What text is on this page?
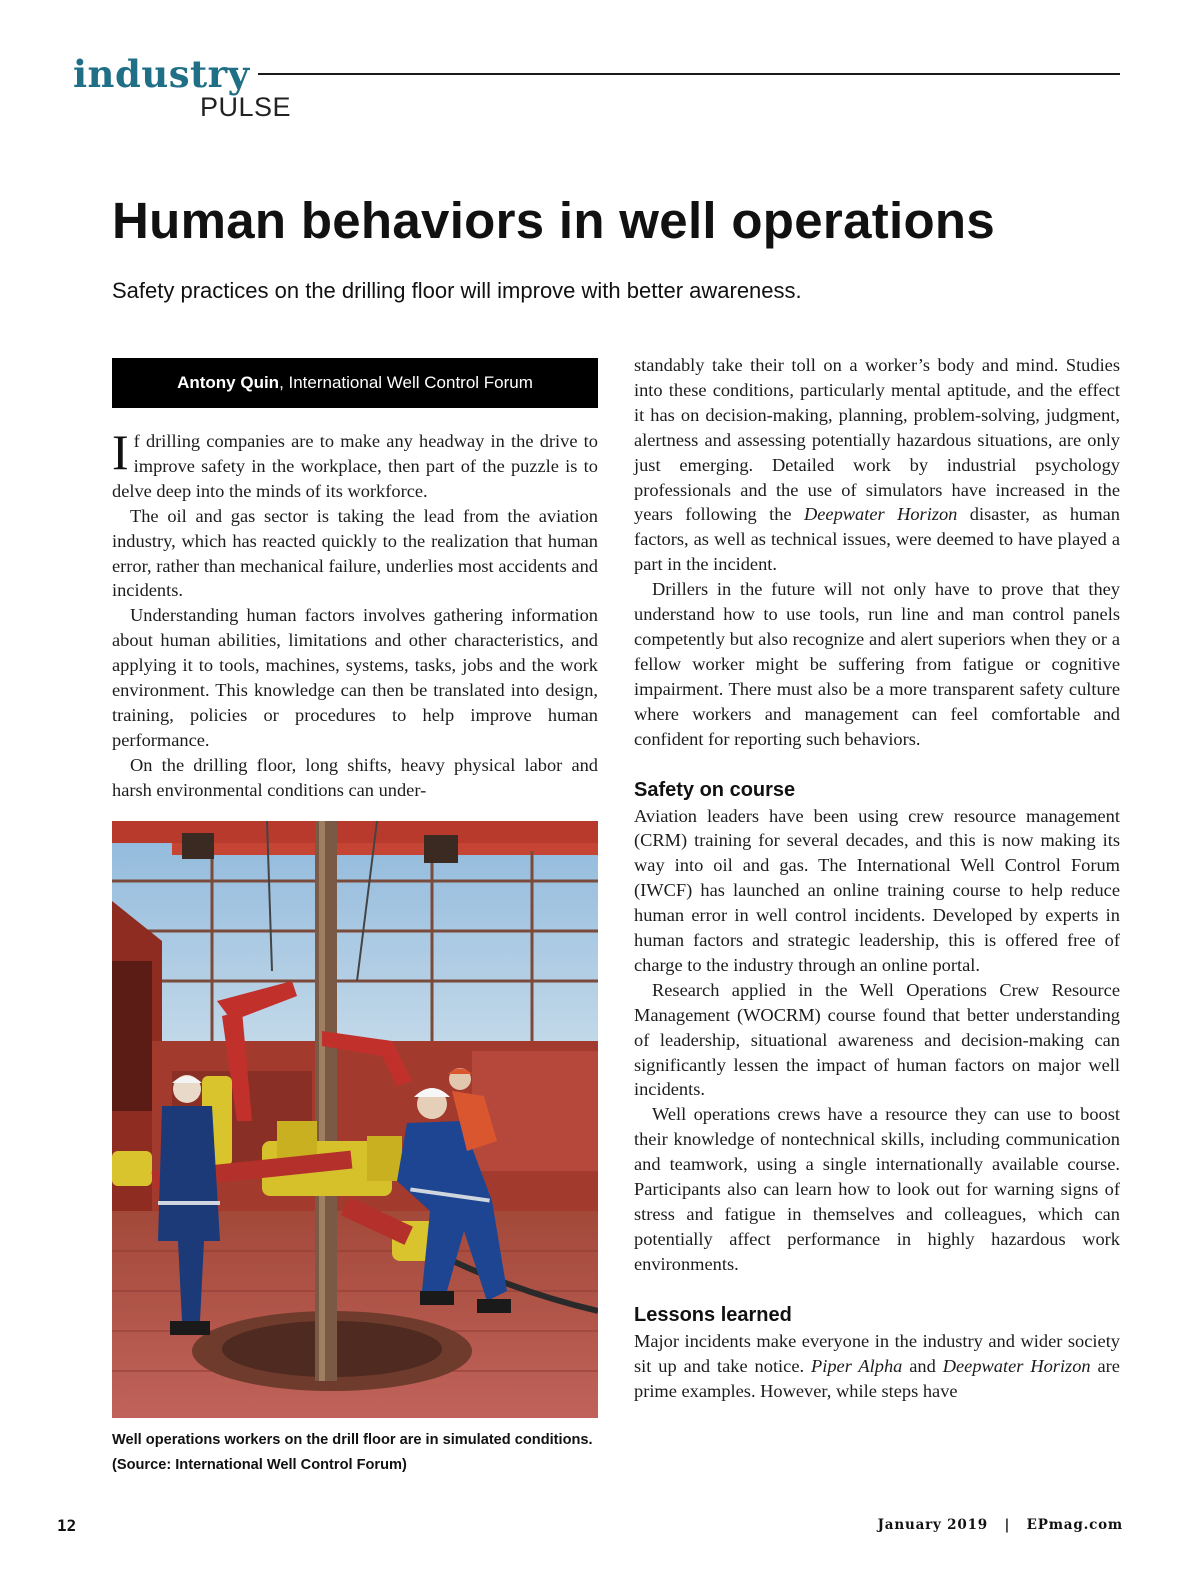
industry
PULSE
Human behaviors in well operations
Safety practices on the drilling floor will improve with better awareness.
Antony Quin, International Well Control Forum

If drilling companies are to make any headway in the drive to improve safety in the workplace, then part of the puzzle is to delve deep into the minds of its workforce.

The oil and gas sector is taking the lead from the aviation industry, which has reacted quickly to the realization that human error, rather than mechanical failure, underlies most accidents and incidents.

Understanding human factors involves gathering information about human abilities, limitations and other characteristics, and applying it to tools, machines, systems, tasks, jobs and the work environment. This knowledge can then be translated into design, training, policies or procedures to help improve human performance.

On the drilling floor, long shifts, heavy physical labor and harsh environmental conditions can under-

Well operations workers on the drill floor are in simulated conditions. (Source: International Well Control Forum)

standably take their toll on a worker’s body and mind. Studies into these conditions, particularly mental aptitude, and the effect it has on decision-making, planning, problem-solving, judgment, alertness and assessing potentially hazardous situations, are only just emerging. Detailed work by industrial psychology professionals and the use of simulators have increased in the years following the Deepwater Horizon disaster, as human factors, as well as technical issues, were deemed to have played a part in the incident.

Drillers in the future will not only have to prove that they understand how to use tools, run line and man control panels competently but also recognize and alert superiors when they or a fellow worker might be suffering from fatigue or cognitive impairment. There must also be a more transparent safety culture where workers and management can feel comfortable and confident for reporting such behaviors.

Safety on course

Aviation leaders have been using crew resource management (CRM) training for several decades, and this is now making its way into oil and gas. The International Well Control Forum (IWCF) has launched an online training course to help reduce human error in well control incidents. Developed by experts in human factors and strategic leadership, this is offered free of charge to the industry through an online portal.

Research applied in the Well Operations Crew Resource Management (WOCRM) course found that better understanding of leadership, situational awareness and decision-making can significantly lessen the impact of human factors on major well incidents.

Well operations crews have a resource they can use to boost their knowledge of nontechnical skills, including communication and teamwork, using a single internationally available course. Participants also can learn how to look out for warning signs of stress and fatigue in themselves and colleagues, which can potentially affect performance in highly hazardous work environments.

Lessons learned

Major incidents make everyone in the industry and wider society sit up and take notice. Piper Alpha and Deepwater Horizon are prime examples. However, while steps have

12	January 2019 | EPmag.com
